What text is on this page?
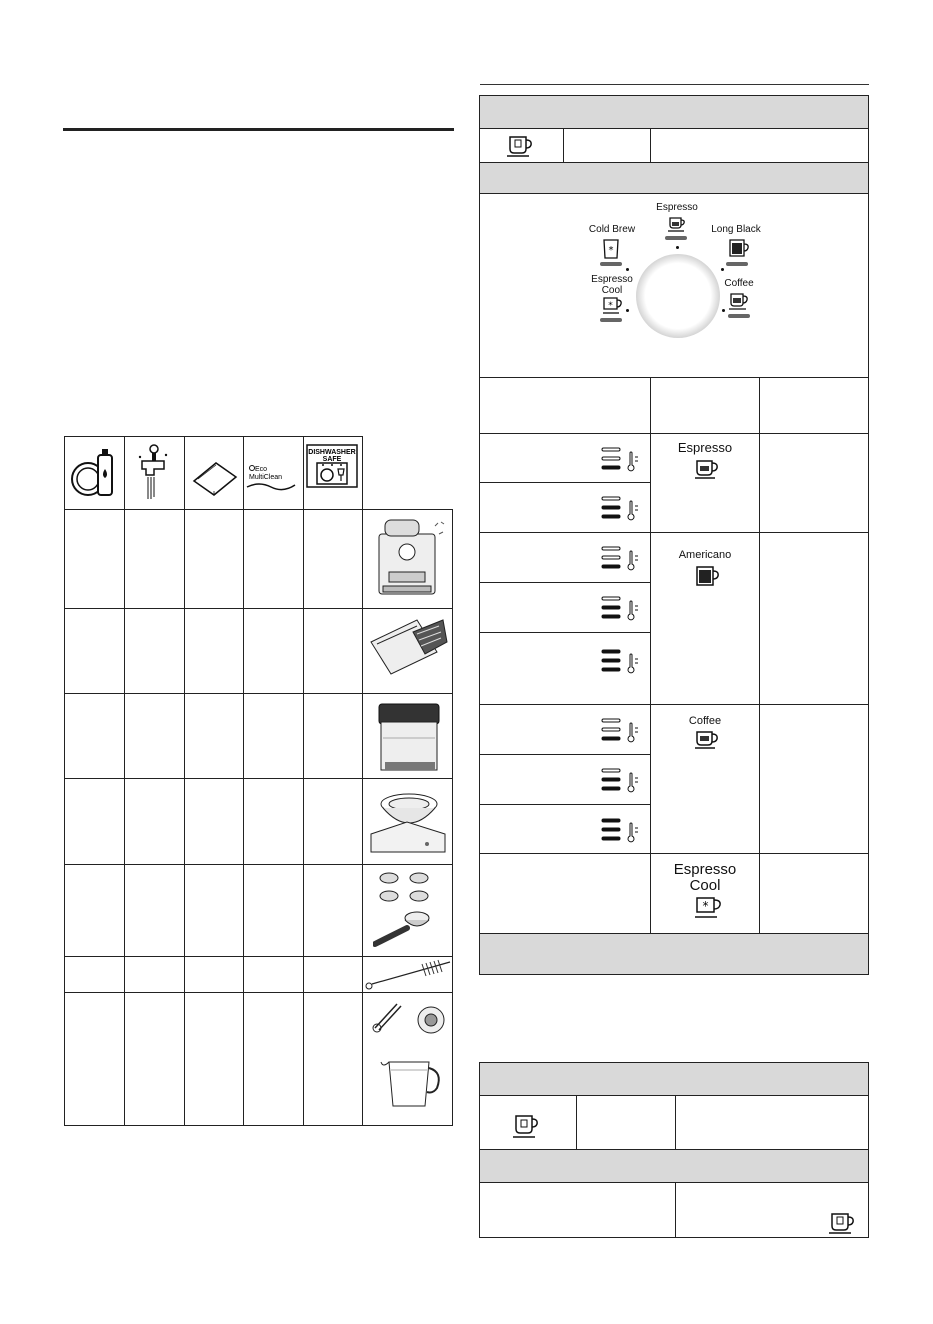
Eco
MultiClean
DISHWASHER
SAFE
Espresso
Cold Brew
*
Long Black
Espresso
Cool
*
Coffee
Espresso
Americano
Coffee
Espresso
Cool
*
